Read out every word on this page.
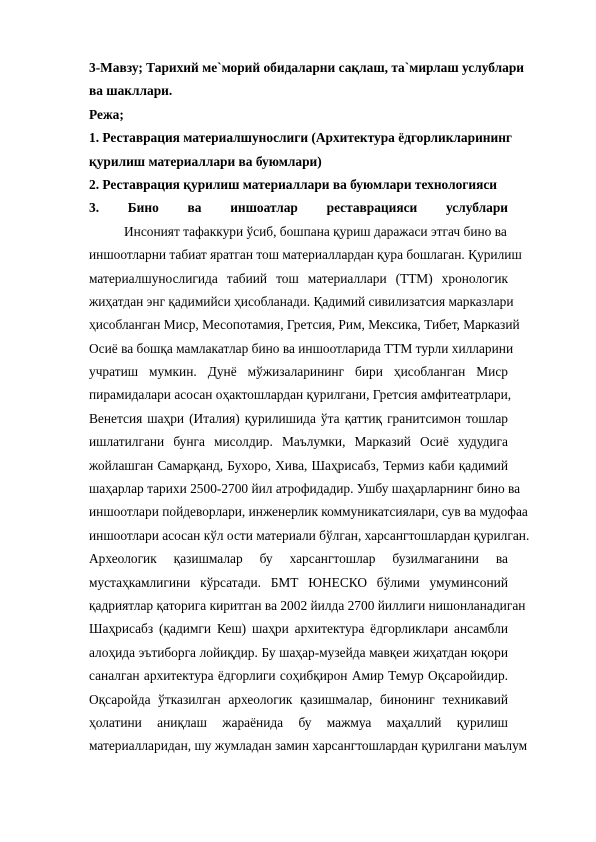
3-Мавзу; Тарихий ме`морий обидаларни сақлаш, та`мирлаш услублари
ва шакллари.
Режа;
1. Реставрация материалшунослиги (Архитектура ёдгорликларининг
қурилиш материаллари ва буюмлари)
2. Реставрация қурилиш материаллари ва буюмлари технологияси
3. Бино ва иншоатлар реставрацияси услублари
Инсоният тафаккури ўсиб, бошпана қуриш даражаси этгач бино ва
иншоотларни табиат яратган тош материаллардан қура бошлаган. Қурилиш
материалшунослигида табиий тош материаллари (ТТМ) хронологик
жиҳатдан энг қадимийси ҳисобланади. Қадимий сивилизатсия марказлари
ҳисобланган Миср, Месопотамия, Гретсия, Рим, Мексика, Тибет, Марказий
Осиё ва бошқа мамлакатлар бино ва иншоотларида ТТМ турли хилларини
учратиш мумкин. Дунё мўжизаларининг бири ҳисобланган Миср
пирамидалари асосан оҳактошлардан қурилгани, Гретсия амфитеатрлари,
Венетсия шаҳри (Италия) қурилишида ўта қаттиқ гранитсимон тошлар
ишлатилгани бунга мисолдир. Маълумки, Марказий Осиё худудига
жойлашган Самарқанд, Бухоро, Хива, Шаҳрисабз, Термиз каби қадимий
шаҳарлар тарихи 2500-2700 йил атрофидадир. Ушбу шаҳарларнинг бино ва
иншоотлари пойдеворлари, инженерлик коммуникатсиялари, сув ва мудофаа
иншоотлари асосан кўл ости материали бўлган, харсангтошлардан қурилган.
Археологик қазишмалар бу харсангтошлар бузилмаганини ва
мустаҳкамлигини кўрсатади. БМТ ЮНЕСКО бўлими умуминсоний
қадриятлар қаторига киритган ва 2002 йилда 2700 йиллиги нишонланадиган
Шаҳрисабз (қадимги Кеш) шаҳри архитектура ёдгорликлари ансамбли
алоҳида эътиборга лойиқдир. Бу шаҳар-музейда мавқеи жиҳатдан юқори
саналган архитектура ёдгорлиги соҳибқирон Амир Темур Оқсаройидир.
Оқсаройда ўтказилган археологик қазишмалар, бинонинг техникавий
ҳолатини аниқлаш жараёнида бу мажмуа маҳаллий қурилиш
материалларидан, шу жумладан замин харсангтошлардан қурилгани маълум
